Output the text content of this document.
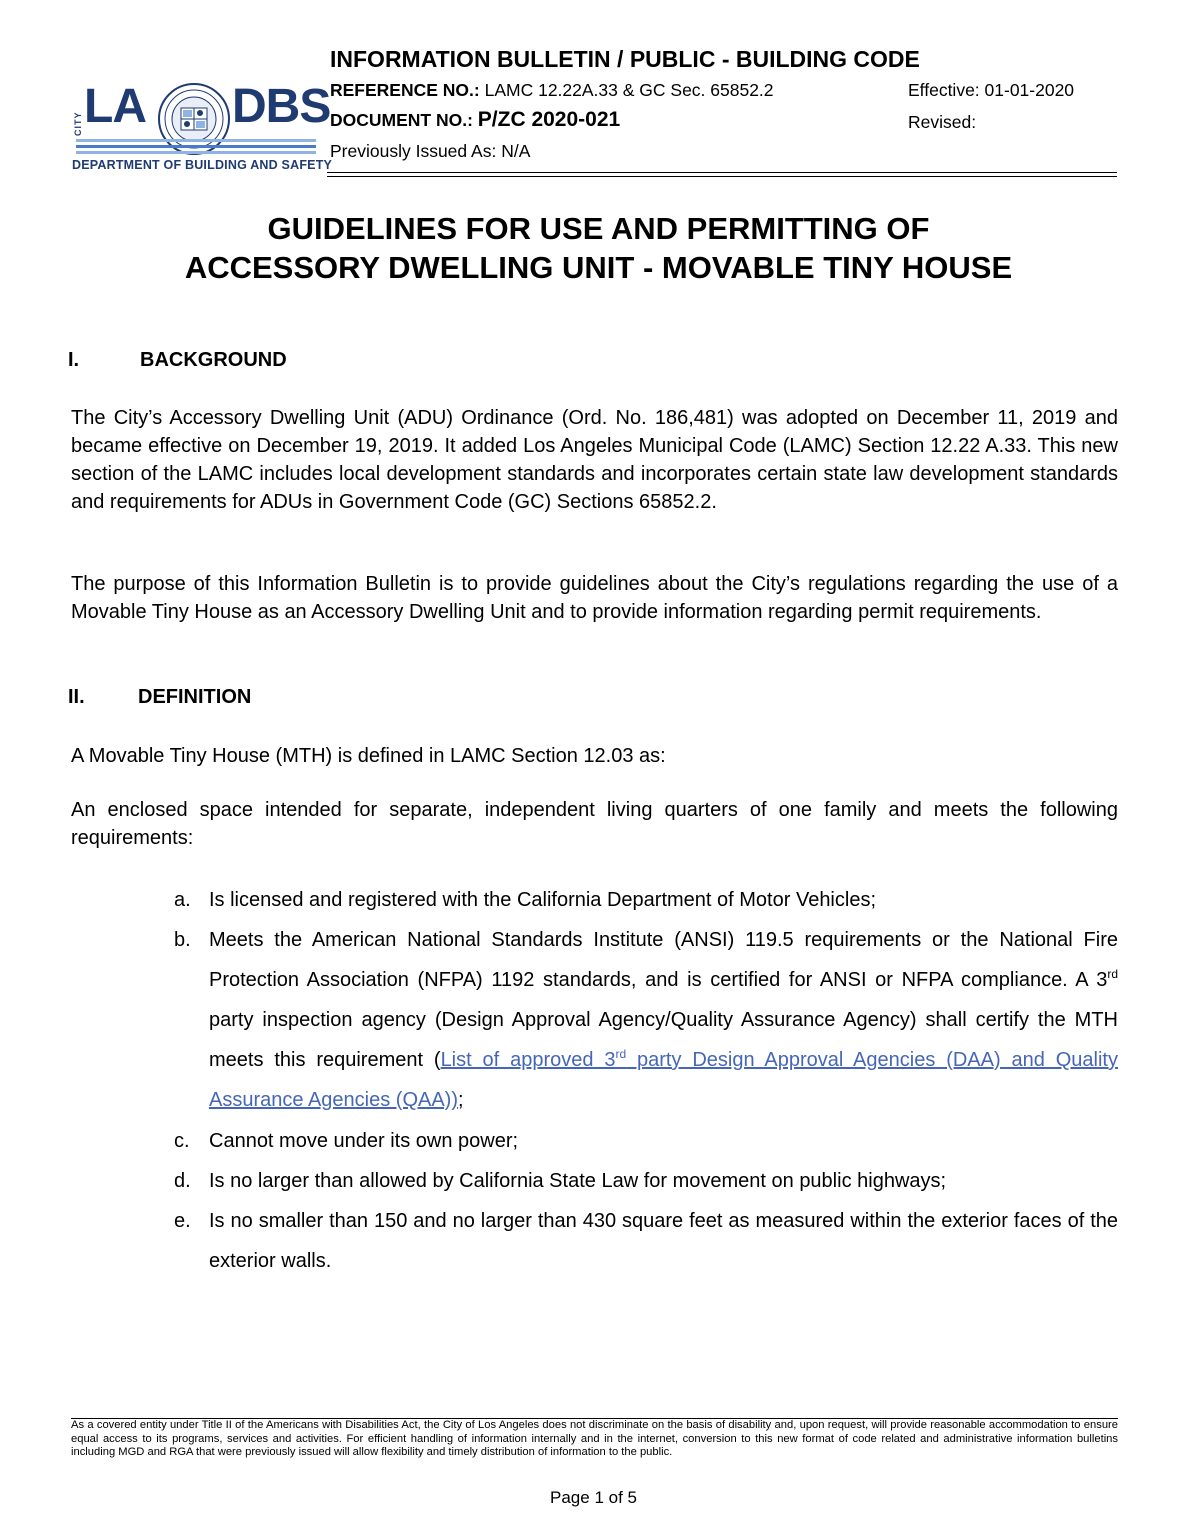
LA
CITY	DBS
DEPARTMENT OF BUILDING AND SAFETY
INFORMATION BULLETIN / PUBLIC - BUILDING CODE
REFERENCE NO.: LAMC 12.22A.33 & GC Sec. 65852.2	Effective: 01-01-2020
DOCUMENT NO.: P/ZC 2020-021	Revised:
Previously Issued As: N/A
GUIDELINES FOR USE AND PERMITTING OF
ACCESSORY DWELLING UNIT - MOVABLE TINY HOUSE
I.	BACKGROUND
The City’s Accessory Dwelling Unit (ADU) Ordinance (Ord. No. 186,481) was adopted on December 11, 2019 and became effective on December 19, 2019. It added Los Angeles Municipal Code (LAMC) Section 12.22 A.33. This new section of the LAMC includes local development standards and incorporates certain state law development standards and requirements for ADUs in Government Code (GC) Sections 65852.2.
The purpose of this Information Bulletin is to provide guidelines about the City’s regulations regarding the use of a Movable Tiny House as an Accessory Dwelling Unit and to provide information regarding permit requirements.
II.	DEFINITION
A Movable Tiny House (MTH) is defined in LAMC Section 12.03 as:
An enclosed space intended for separate, independent living quarters of one family and meets the following requirements:
a. Is licensed and registered with the California Department of Motor Vehicles;
b. Meets the American National Standards Institute (ANSI) 119.5 requirements or the National Fire Protection Association (NFPA) 1192 standards, and is certified for ANSI or NFPA compliance. A 3rd party inspection agency (Design Approval Agency/Quality Assurance Agency) shall certify the MTH meets this requirement (List of approved 3rd party Design Approval Agencies (DAA) and Quality Assurance Agencies (QAA));
c. Cannot move under its own power;
d. Is no larger than allowed by California State Law for movement on public highways;
e. Is no smaller than 150 and no larger than 430 square feet as measured within the exterior faces of the exterior walls.
As a covered entity under Title II of the Americans with Disabilities Act, the City of Los Angeles does not discriminate on the basis of disability and, upon request, will provide reasonable accommodation to ensure equal access to its programs, services and activities. For efficient handling of information internally and in the internet, conversion to this new format of code related and administrative information bulletins including MGD and RGA that were previously issued will allow flexibility and timely distribution of information to the public.
Page 1 of 5
